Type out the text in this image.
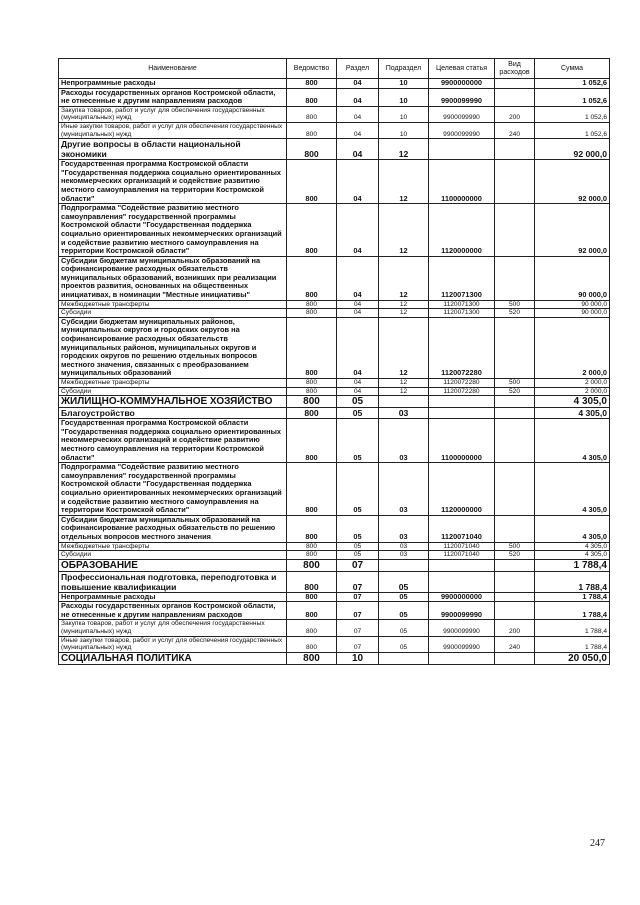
Наименование	Ведомство	Раздел	Подраздел	Целевая статья	Вид расходов	Сумма
Непрограммные расходы	800	04	10	9900000000		1 052,6
Расходы государственных органов Костромской области, не отнесенные к другим направлениям расходов	800	04	10	9900099990		1 052,6
Закупка товаров, работ и услуг для обеспечения государственных (муниципальных) нужд	800	04	10	9900099990	200	1 052,6
Иные закупки товаров, работ и услуг для обеспечения государственных (муниципальных) нужд	800	04	10	9900099990	240	1 052,6
Другие вопросы в области национальной экономики	800	04	12			92 000,0
Государственная программа Костромской области "Государственная поддержка социально ориентированных некоммерческих организаций и содействие развитию местного самоуправления на территории Костромской области"	800	04	12	1100000000		92 000,0
Подпрограмма "Содействие развитию местного самоуправления" государственной программы Костромской области "Государственная поддержка социально ориентированных некоммерческих организаций и содействие развитию местного самоуправления на территории Костромской области"	800	04	12	1120000000		92 000,0
Субсидии бюджетам муниципальных образований на софинансирование расходных обязательств муниципальных образований, возникших при реализации проектов развития, основанных на общественных инициативах, в номинации "Местные инициативы"	800	04	12	1120071300		90 000,0
Межбюджетные трансферты	800	04	12	1120071300	500	90 000,0
Субсидии	800	04	12	1120071300	520	90 000,0
Субсидии бюджетам муниципальных районов, муниципальных округов и городских округов на софинансирование расходных обязательств муниципальных районов, муниципальных округов и городских округов по решению отдельных вопросов местного значения, связанных с преобразованием муниципальных образований	800	04	12	1120072280		2 000,0
Межбюджетные трансферты	800	04	12	1120072280	500	2 000,0
Субсидии	800	04	12	1120072280	520	2 000,0
ЖИЛИЩНО-КОММУНАЛЬНОЕ ХОЗЯЙСТВО	800	05				4 305,0
Благоустройство	800	05	03			4 305,0
Государственная программа Костромской области "Государственная поддержка социально ориентированных некоммерческих организаций и содействие развитию местного самоуправления на территории Костромской области"	800	05	03	1100000000		4 305,0
Подпрограмма "Содействие развитию местного самоуправления" государственной программы Костромской области "Государственная поддержка социально ориентированных некоммерческих организаций и содействие развитию местного самоуправления на территории Костромской области"	800	05	03	1120000000		4 305,0
Субсидии бюджетам муниципальных образований на софинансирование расходных обязательств по решению отдельных вопросов местного значения	800	05	03	1120071040		4 305,0
Межбюджетные трансферты	800	05	03	1120071040	500	4 305,0
Субсидии	800	05	03	1120071040	520	4 305,0
ОБРАЗОВАНИЕ	800	07				1 788,4
Профессиональная подготовка, переподготовка и повышение квалификации	800	07	05			1 788,4
Непрограммные расходы	800	07	05	9900000000		1 788,4
Расходы государственных органов Костромской области, не отнесенные к другим направлениям расходов	800	07	05	9900099990		1 788,4
Закупка товаров, работ и услуг для обеспечения государственных (муниципальных) нужд	800	07	05	9900099990	200	1 788,4
Иные закупки товаров, работ и услуг для обеспечения государственных (муниципальных) нужд	800	07	05	9900099990	240	1 788,4
СОЦИАЛЬНАЯ ПОЛИТИКА	800	10				20 050,0
247
